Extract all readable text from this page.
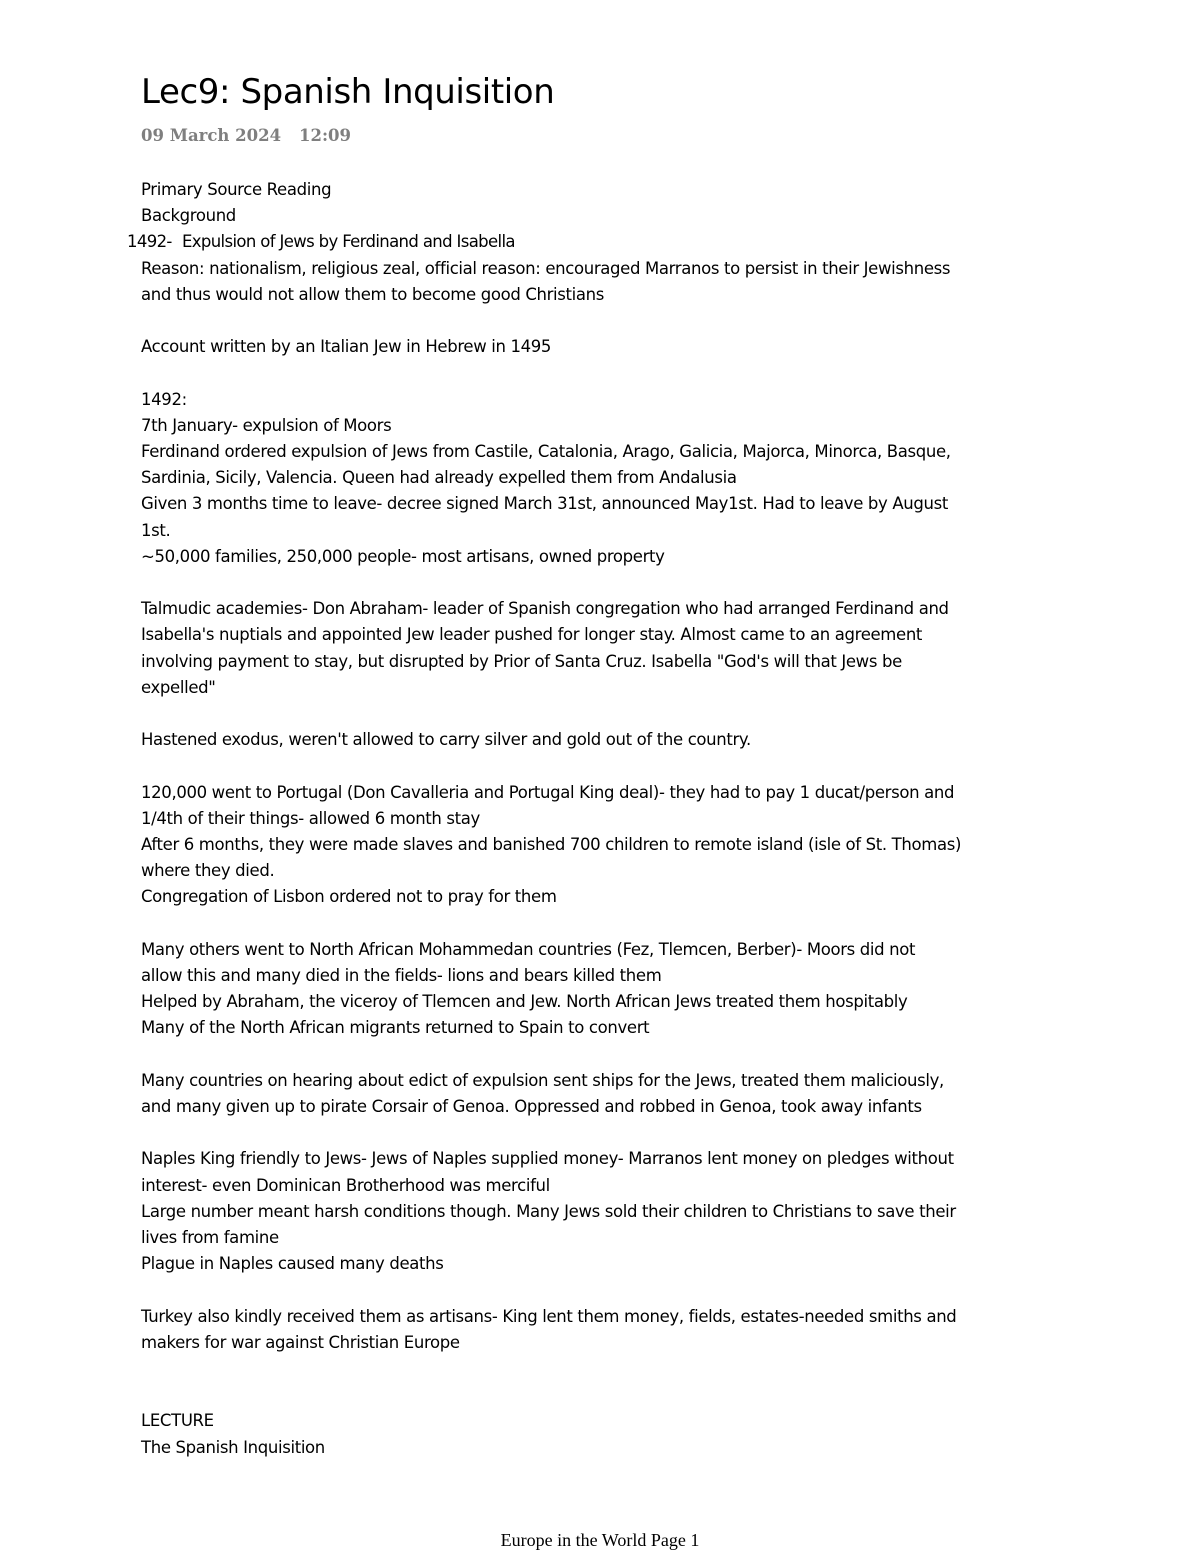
Lec9: Spanish Inquisition
09 March 2024 12:09

Primary Source Reading

Background

1492- Expulsion of Jews by Ferdinand and Isabella

Reason: nationalism, religious zeal, official reason: encouraged Marranos to persist in their Jewishness

and thus would not allow them to become good Christians

Account written by an Italian Jew in Hebrew in 1495

1492:

7th January- expulsion of Moors

Ferdinand ordered expulsion of Jews from Castile, Catalonia, Arago, Galicia, Majorca, Minorca, Basque,

Sardinia, Sicily, Valencia. Queen had already expelled them from Andalusia

Given 3 months time to leave- decree signed March 31st, announced May1st. Had to leave by August

1st.

~50,000 families, 250,000 people- most artisans, owned property

Talmudic academies- Don Abraham- leader of Spanish congregation who had arranged Ferdinand and

Isabella's nuptials and appointed Jew leader pushed for longer stay. Almost came to an agreement

involving payment to stay, but disrupted by Prior of Santa Cruz. Isabella "God's will that Jews be

expelled"

Hastened exodus, weren't allowed to carry silver and gold out of the country.

120,000 went to Portugal (Don Cavalleria and Portugal King deal)- they had to pay 1 ducat/person and

1/4th of their things- allowed 6 month stay

After 6 months, they were made slaves and banished 700 children to remote island (isle of St. Thomas)

where they died.

Congregation of Lisbon ordered not to pray for them

Many others went to North African Mohammedan countries (Fez, Tlemcen, Berber)- Moors did not

allow this and many died in the fields- lions and bears killed them

Helped by Abraham, the viceroy of Tlemcen and Jew. North African Jews treated them hospitably

Many of the North African migrants returned to Spain to convert

Many countries on hearing about edict of expulsion sent ships for the Jews, treated them maliciously,

and many given up to pirate Corsair of Genoa. Oppressed and robbed in Genoa, took away infants

Naples King friendly to Jews- Jews of Naples supplied money- Marranos lent money on pledges without

interest- even Dominican Brotherhood was merciful

Large number meant harsh conditions though. Many Jews sold their children to Christians to save their

lives from famine

Plague in Naples caused many deaths

Turkey also kindly received them as artisans- King lent them money, fields, estates-needed smiths and

makers for war against Christian Europe

LECTURE

The Spanish Inquisition

Europe in the World Page 1
